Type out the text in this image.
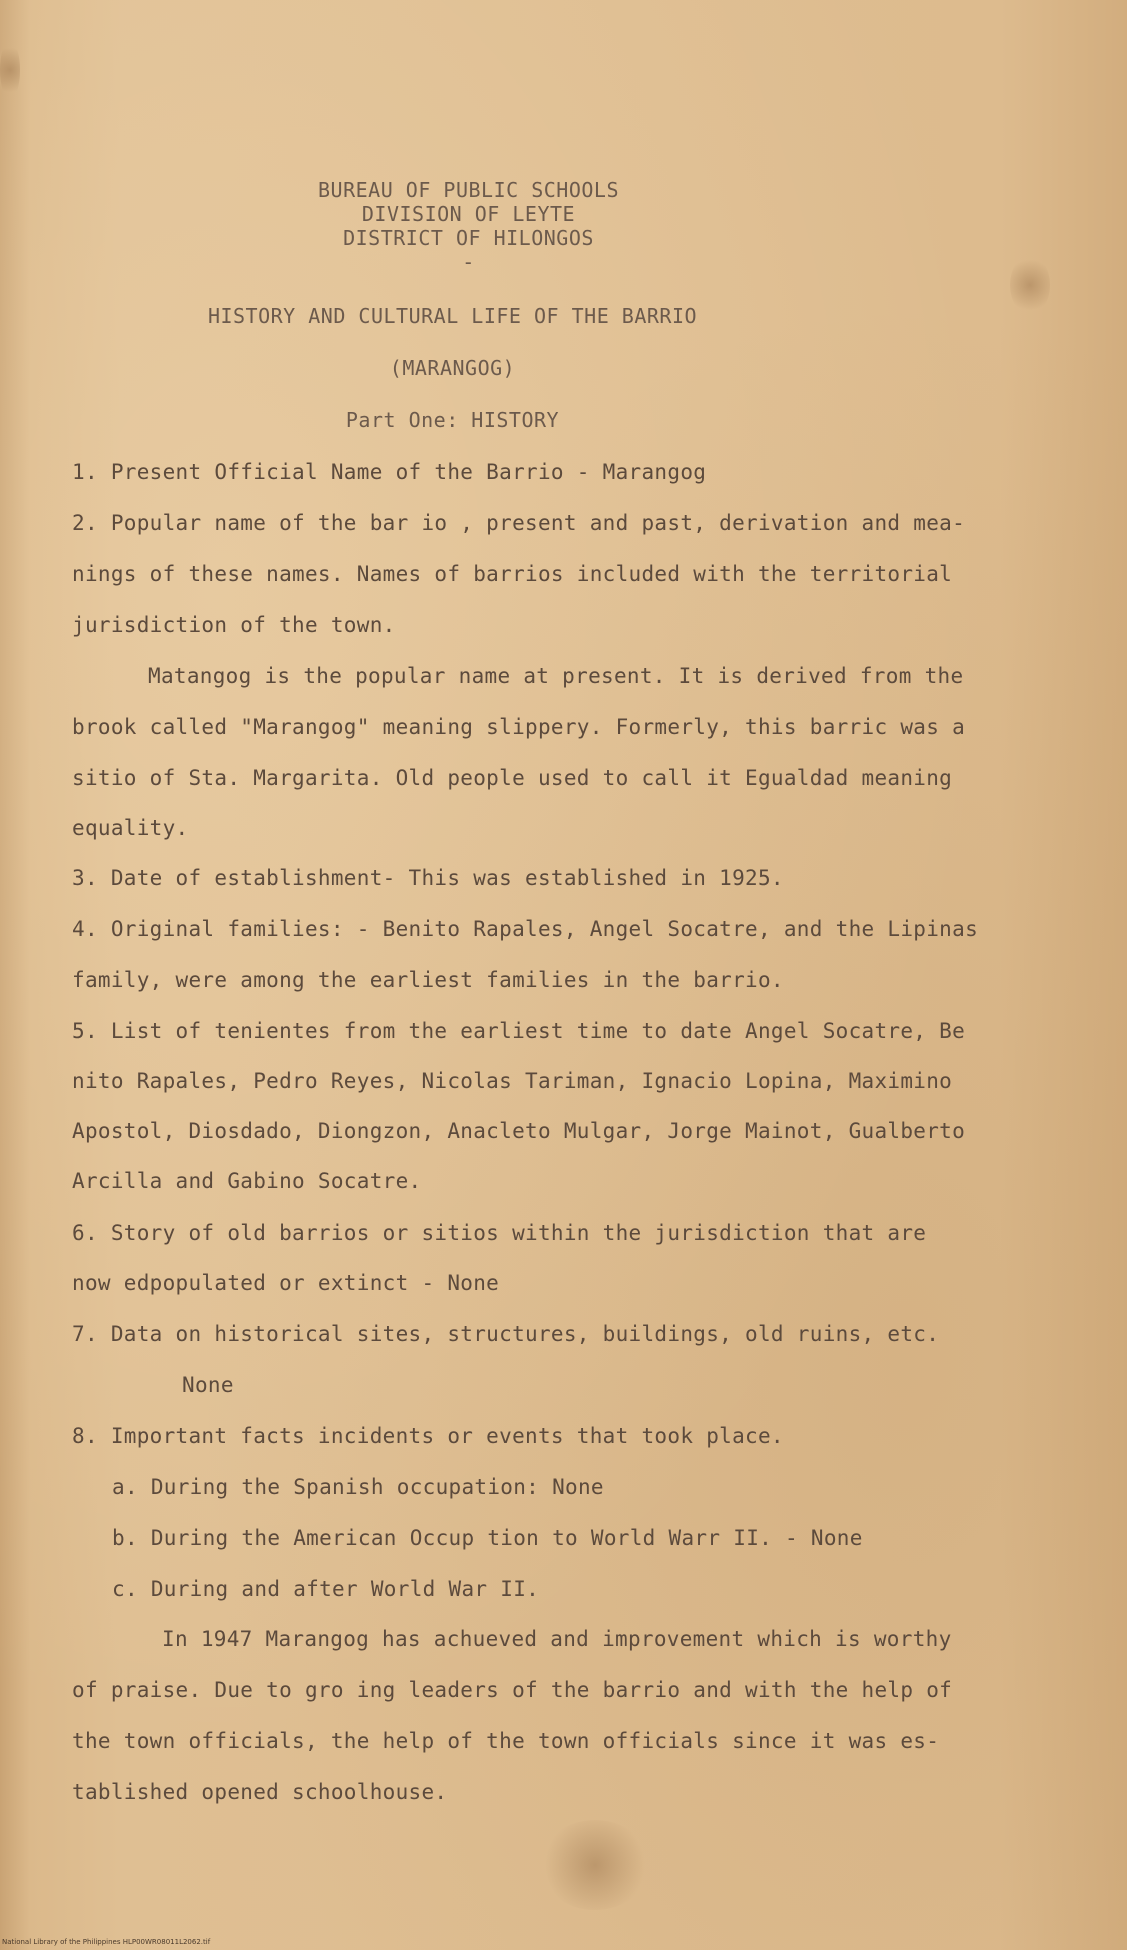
BUREAU OF PUBLIC SCHOOLS
DIVISION OF LEYTE
DISTRICT OF HILONGOS
-
HISTORY AND CULTURAL LIFE OF THE BARRIO
(MARANGOG)
Part One: HISTORY
1. Present Official Name of the Barrio - Marangog
2. Popular name of the bar io , present and past, derivation and mea-
nings of these names. Names of barrios included with the territorial
jurisdiction of the town.
Matangog is the popular name at present. It is derived from the
brook called "Marangog" meaning slippery. Formerly, this barric was a
sitio of Sta. Margarita. Old people used to call it Egualdad meaning
equality.
3. Date of establishment- This was established in 1925.
4. Original families: - Benito Rapales, Angel Socatre, and the Lipinas
family, were among the earliest families in the barrio.
5. List of tenientes from the earliest time to date Angel Socatre, Be
nito Rapales, Pedro Reyes, Nicolas Tariman, Ignacio Lopina, Maximino
Apostol, Diosdado, Diongzon, Anacleto Mulgar, Jorge Mainot, Gualberto
Arcilla and Gabino Socatre.
6. Story of old barrios or sitios within the jurisdiction that are
now edpopulated or extinct - None
7. Data on historical sites, structures, buildings, old ruins, etc.
None
8. Important facts incidents or events that took place.
a. During the Spanish occupation: None
b. During the American Occup tion to World Warr II. - None
c. During and after World War II.
In 1947 Marangog has achueved and improvement which is worthy
of praise. Due to gro ing leaders of the barrio and with the help of
the town officials, the help of the town officials since it was es-
tablished opened schoolhouse.
National Library of the Philippines HLP00WR08011L2062.tif
